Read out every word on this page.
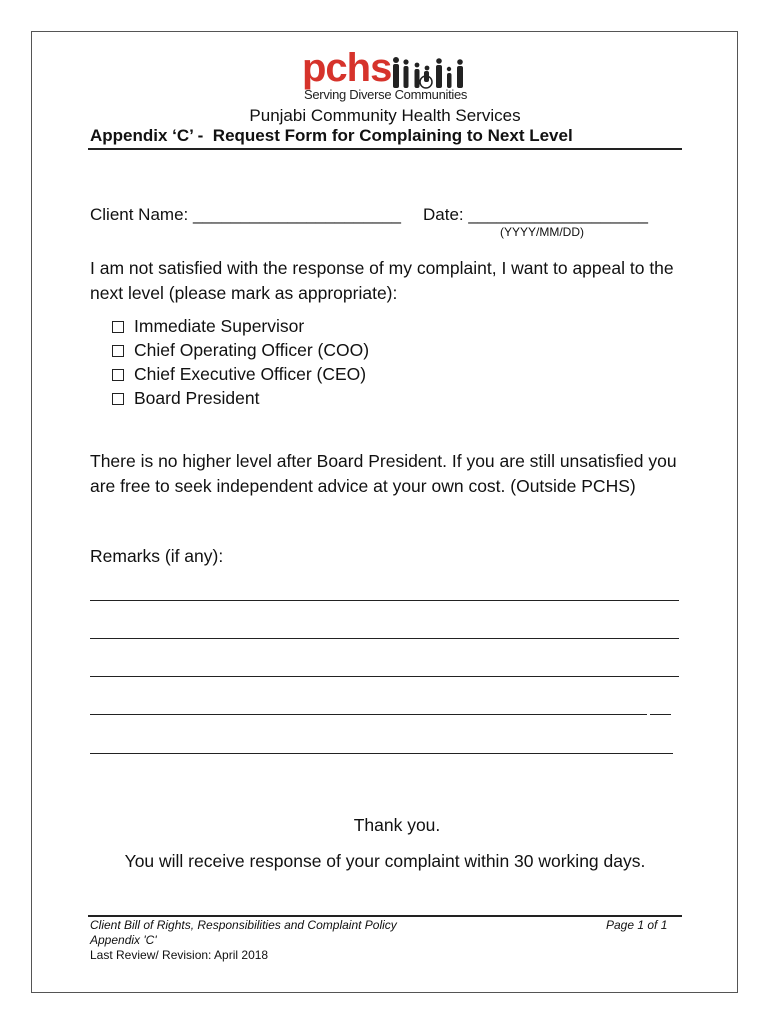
pchs
Serving Diverse Communities
Punjabi Community Health Services
Appendix ‘C’ - Request Form for Complaining to Next Level
Client Name: ______________________ Date: ___________________
(YYYY/MM/DD)
I am not satisfied with the response of my complaint, I want to appeal to the next level (please mark as appropriate):
Immediate Supervisor
Chief Operating Officer (COO)
Chief Executive Officer (CEO)
Board President
There is no higher level after Board President. If you are still unsatisfied you are free to seek independent advice at your own cost. (Outside PCHS)
Remarks (if any):
Thank you.
You will receive response of your complaint within 30 working days.
Client Bill of Rights, Responsibilities and Complaint Policy
Appendix 'C'
Last Review/ Revision: April 2018
Page 1 of 1
